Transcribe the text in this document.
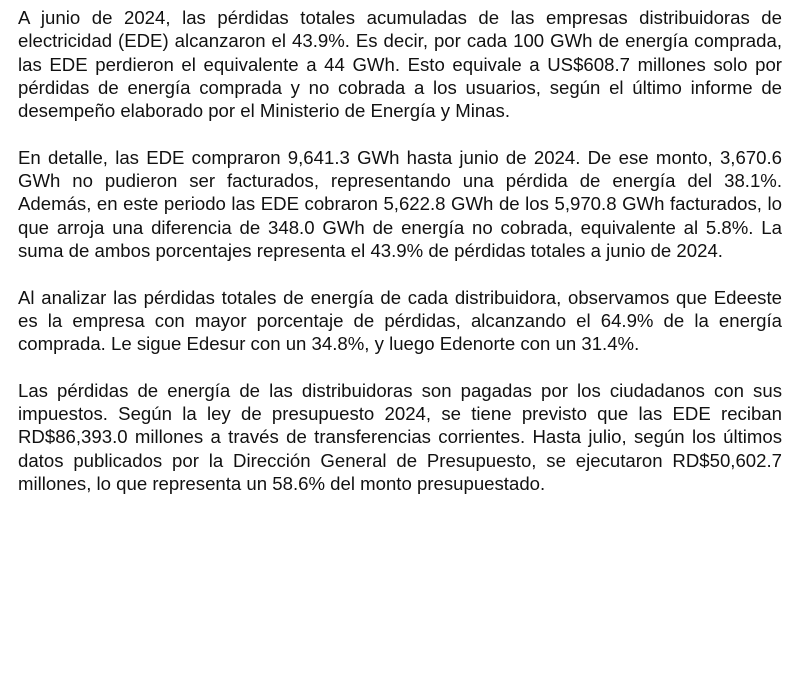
A junio de 2024, las pérdidas totales acumuladas de las empresas distribuidoras de electricidad (EDE) alcanzaron el 43.9%. Es decir, por cada 100 GWh de energía comprada, las EDE perdieron el equivalente a 44 GWh. Esto equivale a US$608.7 millones solo por pérdidas de energía comprada y no cobrada a los usuarios, según el último informe de desempeño elaborado por el Ministerio de Energía y Minas.

En detalle, las EDE compraron 9,641.3 GWh hasta junio de 2024. De ese monto, 3,670.6 GWh no pudieron ser facturados, representando una pérdida de energía del 38.1%. Además, en este periodo las EDE cobraron 5,622.8 GWh de los 5,970.8 GWh facturados, lo que arroja una diferencia de 348.0 GWh de energía no cobrada, equivalente al 5.8%. La suma de ambos porcentajes representa el 43.9% de pérdidas totales a junio de 2024.

Al analizar las pérdidas totales de energía de cada distribuidora, observamos que Edeeste es la empresa con mayor porcentaje de pérdidas, alcanzando el 64.9% de la energía comprada. Le sigue Edesur con un 34.8%, y luego Edenorte con un 31.4%.

Las pérdidas de energía de las distribuidoras son pagadas por los ciudadanos con sus impuestos. Según la ley de presupuesto 2024, se tiene previsto que las EDE reciban RD$86,393.0 millones a través de transferencias corrientes. Hasta julio, según los últimos datos publicados por la Dirección General de Presupuesto, se ejecutaron RD$50,602.7 millones, lo que representa un 58.6% del monto presupuestado.
